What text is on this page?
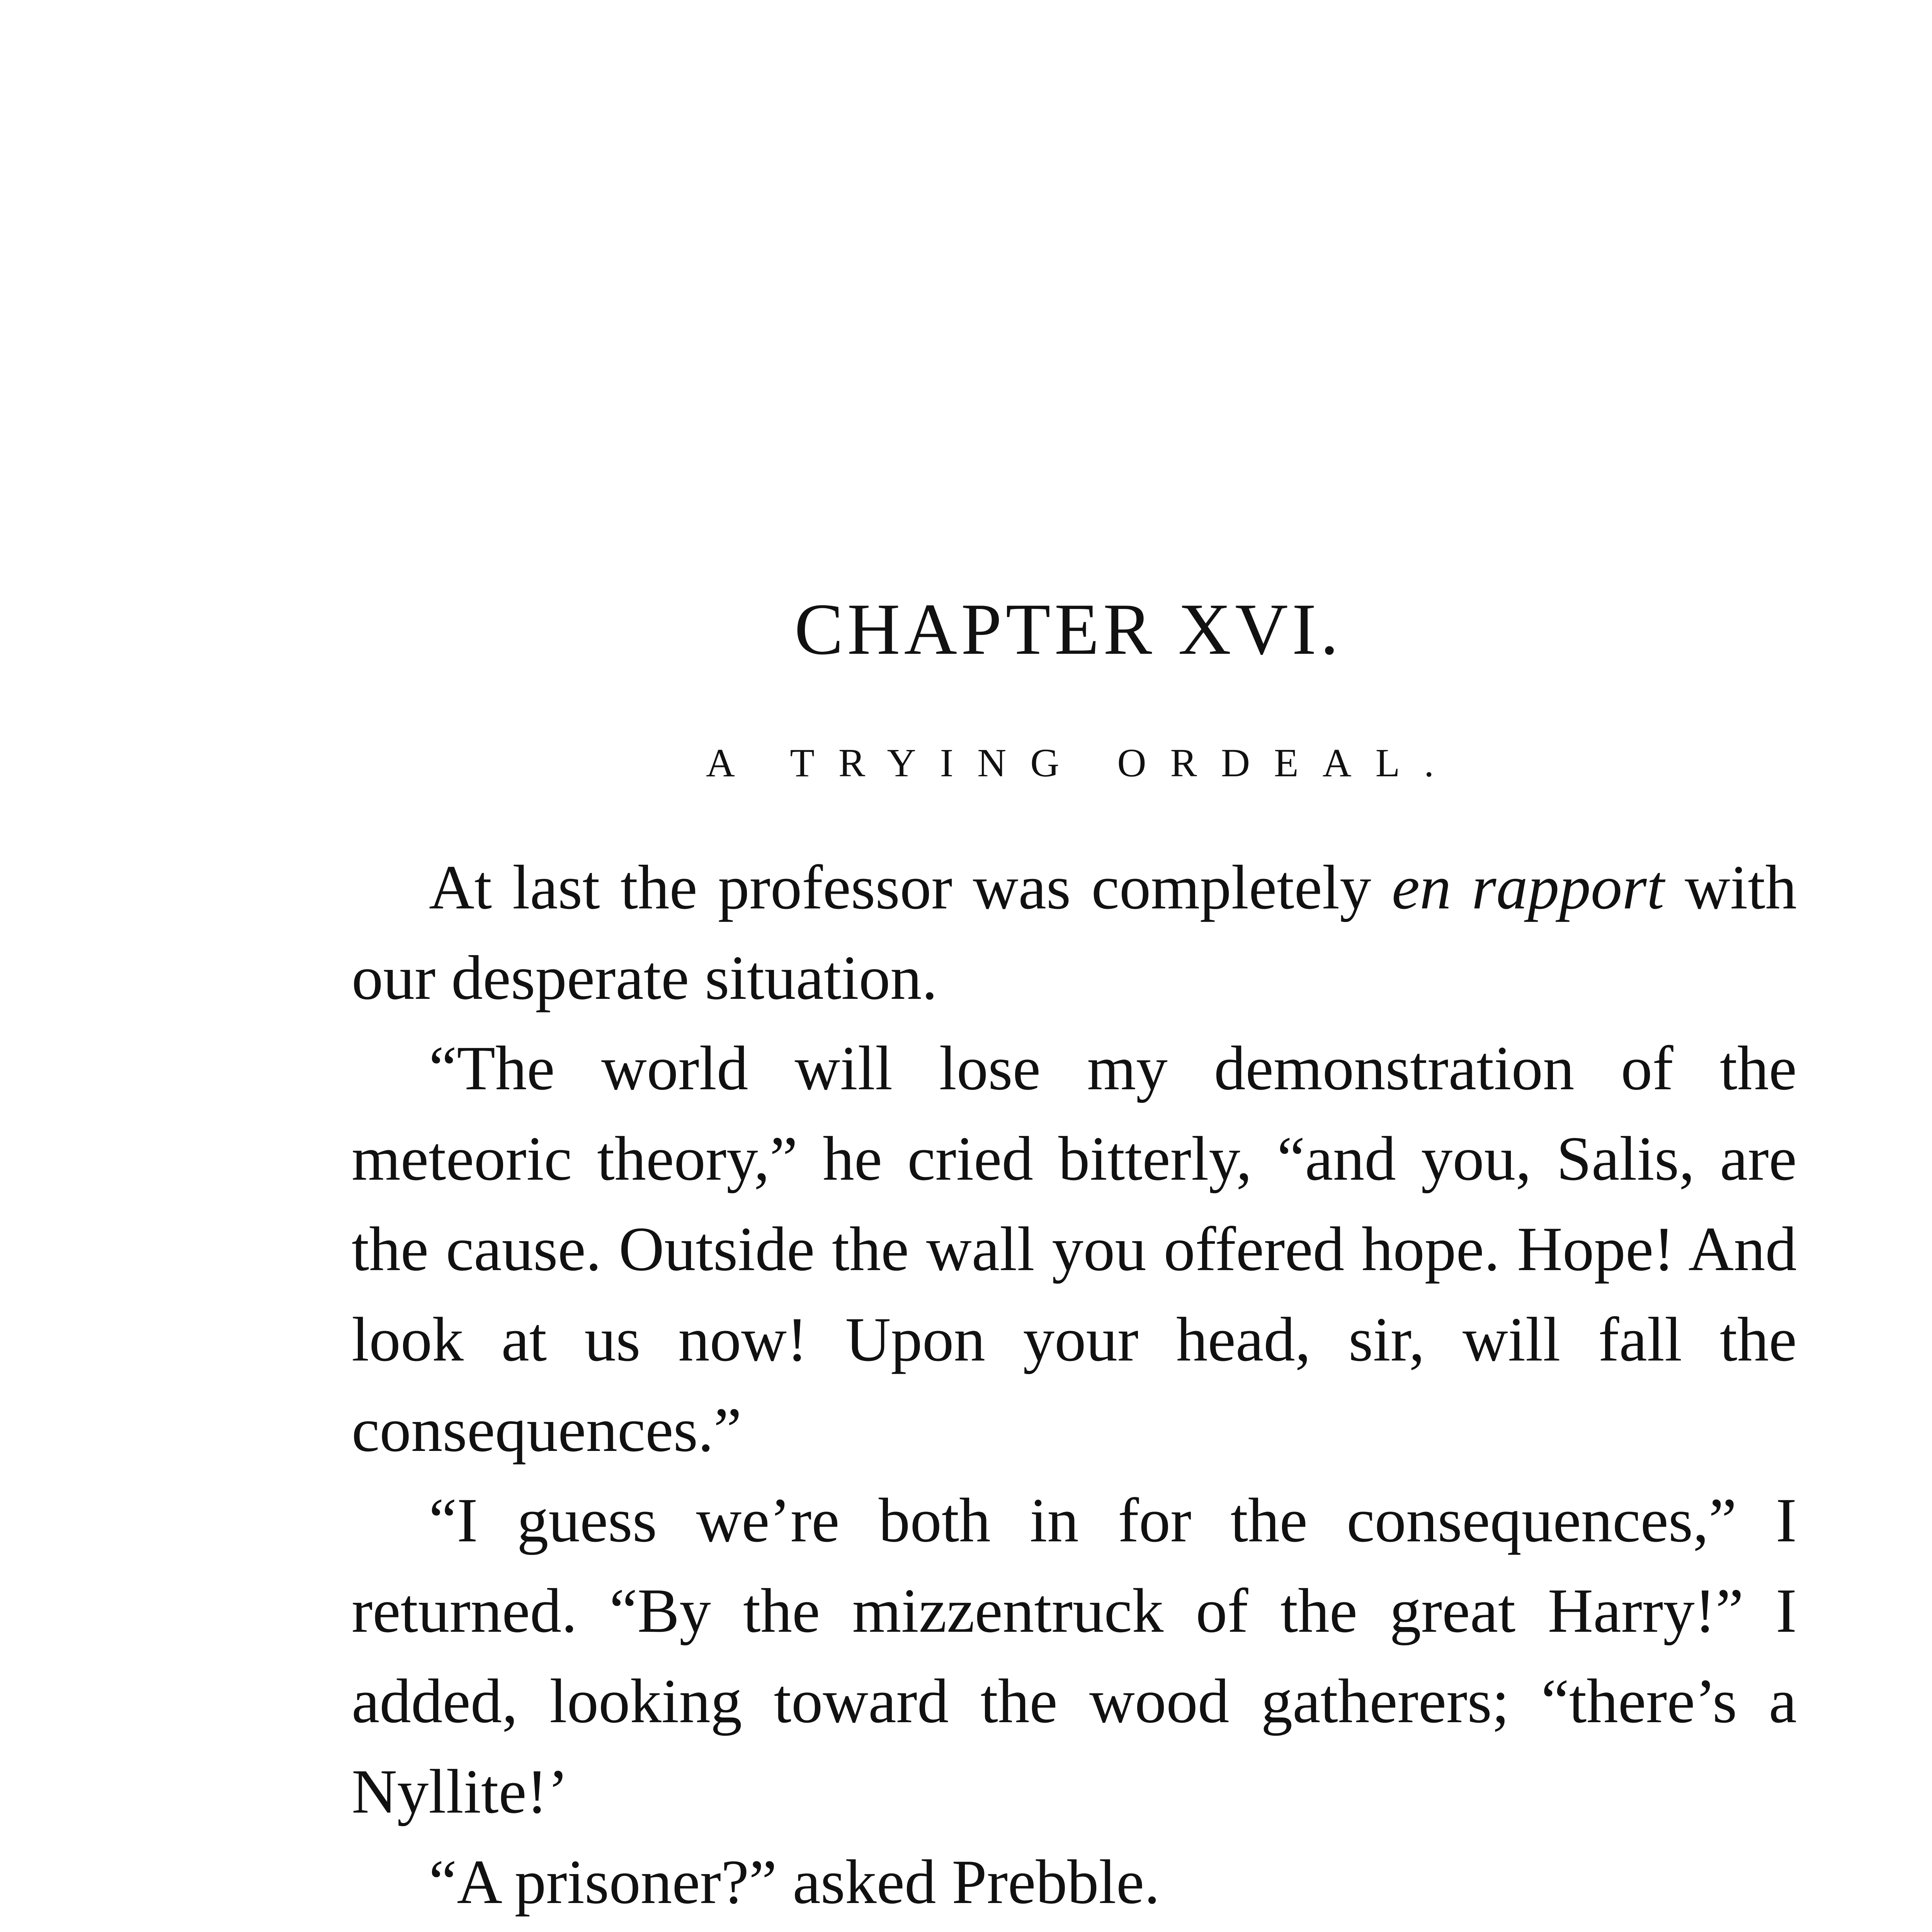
CHAPTER XVI.
A TRYING ORDEAL.

At last the professor was completely en rapport with our desperate situation.

“The world will lose my demonstration of the meteoric theory,” he cried bitterly, “and you, Salis, are the cause. Outside the wall you offered hope. Hope! And look at us now! Upon your head, sir, will fall the consequences.”

“I guess we’re both in for the consequences,” I returned. “By the mizzentruck of the great Harry!” I added, looking toward the wood gatherers; “there’s a Nyllite!’

“A prisoner?” asked Prebble.
